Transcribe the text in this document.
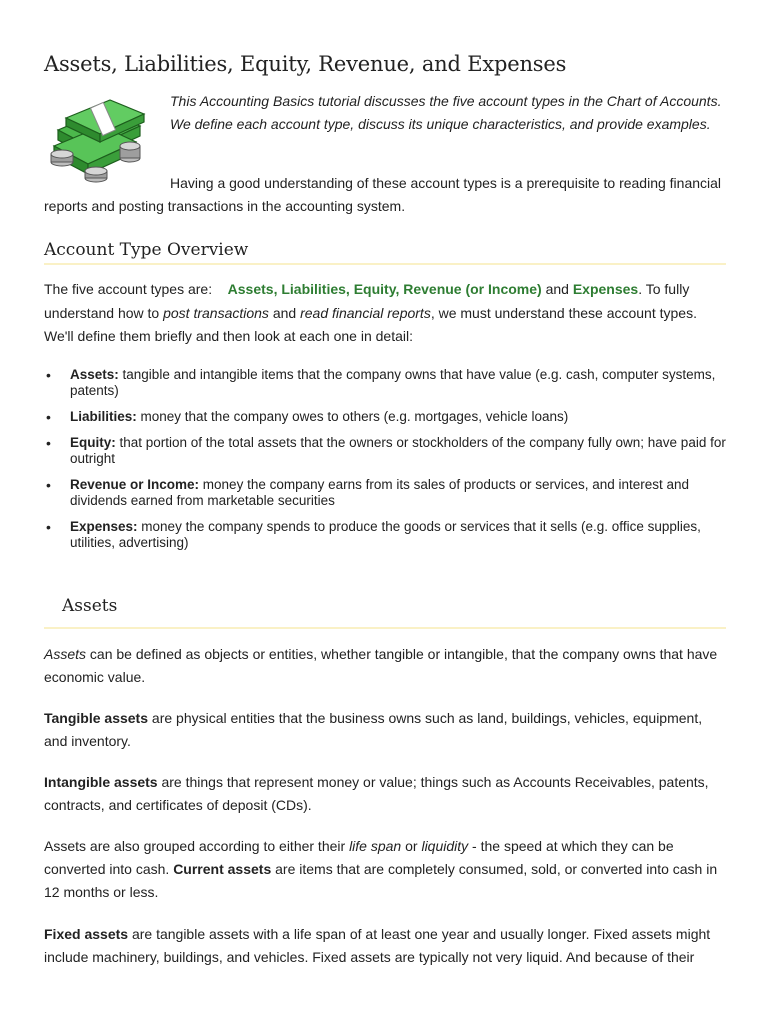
Assets, Liabilities, Equity, Revenue, and Expenses

This Accounting Basics tutorial discusses the five account types in the Chart of Accounts. We define each account type, discuss its unique characteristics, and provide examples.

Having a good understanding of these account types is a prerequisite to reading financial reports and posting transactions in the accounting system.
Account Type Overview

The five account types are: Assets, Liabilities, Equity, Revenue (or Income) and Expenses. To fully understand how to post transactions and read financial reports, we must understand these account types. We'll define them briefly and then look at each one in detail:

• Assets: tangible and intangible items that the company owns that have value (e.g. cash, computer systems, patents)
• Liabilities: money that the company owes to others (e.g. mortgages, vehicle loans)
• Equity: that portion of the total assets that the owners or stockholders of the company fully own; have paid for outright
• Revenue or Income: money the company earns from its sales of products or services, and interest and dividends earned from marketable securities
• Expenses: money the company spends to produce the goods or services that it sells (e.g. office supplies, utilities, advertising)
Assets

Assets can be defined as objects or entities, whether tangible or intangible, that the company owns that have economic value.

Tangible assets are physical entities that the business owns such as land, buildings, vehicles, equipment, and inventory.

Intangible assets are things that represent money or value; things such as Accounts Receivables, patents, contracts, and certificates of deposit (CDs).

Assets are also grouped according to either their life span or liquidity - the speed at which they can be converted into cash. Current assets are items that are completely consumed, sold, or converted into cash in 12 months or less.

Fixed assets are tangible assets with a life span of at least one year and usually longer. Fixed assets might include machinery, buildings, and vehicles. Fixed assets are typically not very liquid. And because of their
